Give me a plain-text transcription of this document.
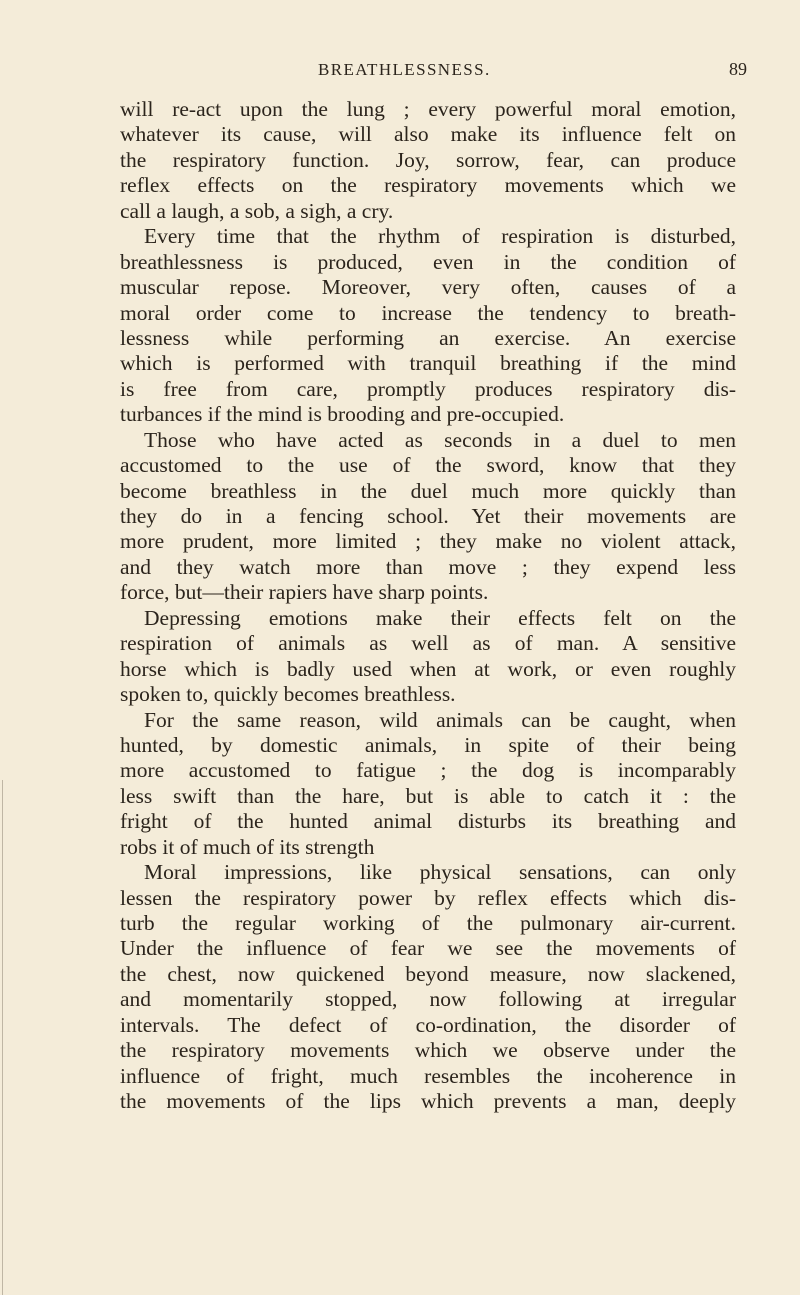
BREATHLESSNESS.	89
will re-act upon the lung ; every powerful moral emotion,
whatever its cause, will also make its influence felt on
the respiratory function. Joy, sorrow, fear, can produce
reflex effects on the respiratory movements which we
call a laugh, a sob, a sigh, a cry.
Every time that the rhythm of respiration is disturbed,
breathlessness is produced, even in the condition of
muscular repose. Moreover, very often, causes of a
moral order come to increase the tendency to breath-
lessness while performing an exercise. An exercise
which is performed with tranquil breathing if the mind
is free from care, promptly produces respiratory dis-
turbances if the mind is brooding and pre-occupied.
Those who have acted as seconds in a duel to men
accustomed to the use of the sword, know that they
become breathless in the duel much more quickly than
they do in a fencing school. Yet their movements are
more prudent, more limited ; they make no violent attack,
and they watch more than move ; they expend less
force, but—their rapiers have sharp points.
Depressing emotions make their effects felt on the
respiration of animals as well as of man. A sensitive
horse which is badly used when at work, or even roughly
spoken to, quickly becomes breathless.
For the same reason, wild animals can be caught, when
hunted, by domestic animals, in spite of their being
more accustomed to fatigue ; the dog is incomparably
less swift than the hare, but is able to catch it : the
fright of the hunted animal disturbs its breathing and
robs it of much of its strength
Moral impressions, like physical sensations, can only
lessen the respiratory power by reflex effects which dis-
turb the regular working of the pulmonary air-current.
Under the influence of fear we see the movements of
the chest, now quickened beyond measure, now slackened,
and momentarily stopped, now following at irregular
intervals. The defect of co-ordination, the disorder of
the respiratory movements which we observe under the
influence of fright, much resembles the incoherence in
the movements of the lips which prevents a man, deeply
